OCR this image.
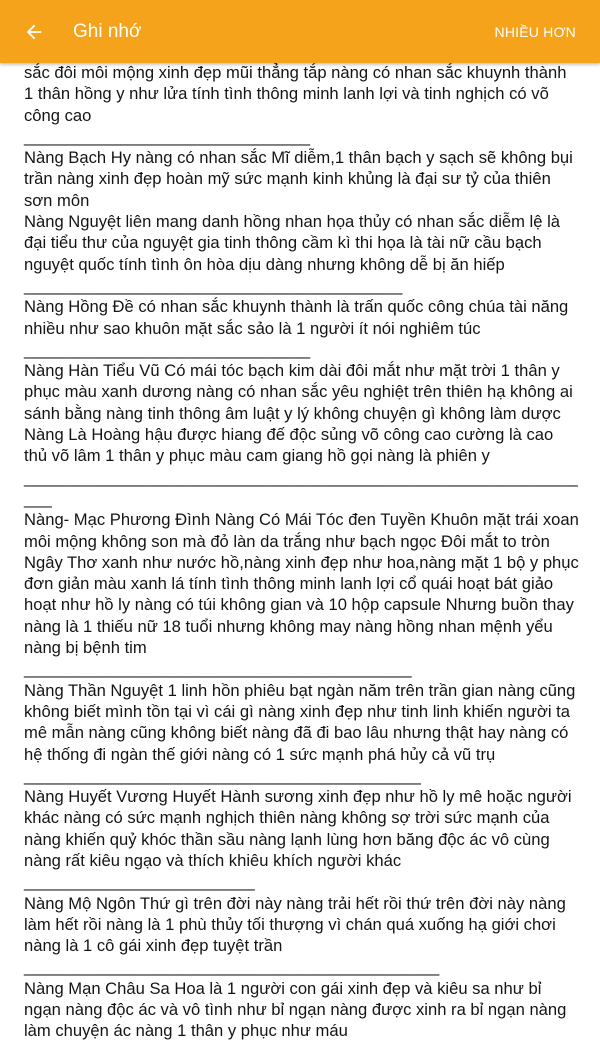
Ghi nhớ	NHIỀU HƠN
sắc đôi môi mộng xinh đẹp mũi thẳng tắp nàng có nhan sắc khuynh thành 1 thân hồng y như lửa tính tình thông minh lanh lợi và tinh nghịch có võ công cao
_______________________________
Nàng Bạch Hy nàng có nhan sắc Mĩ diễm,1 thân bạch y sạch sẽ không bụi trần nàng xinh đẹp hoàn mỹ sức mạnh kinh khủng là đại sư tỷ của thiên sơn môn
Nàng Nguyệt liên mang danh hồng nhan họa thủy có nhan sắc diễm lệ là đại tiểu thư của nguyệt gia tinh thông cầm kì thi họa là tài nữ cầu bạch nguyệt quốc tính tình ôn hòa dịu dàng nhưng không dễ bị ăn hiếp
_________________________________________
Nàng Hồng Đề có nhan sắc khuynh thành là trấn quốc công chúa tài năng nhiều như sao khuôn mặt sắc sảo là 1 người ít nói nghiêm túc
_______________________________
Nàng Hàn Tiểu Vũ Có mái tóc bạch kim dài đôi mắt như mặt trời 1 thân y phục màu xanh dương nàng có nhan sắc yêu nghiệt trên thiên hạ không ai sánh bằng nàng tinh thông âm luật y lý không chuyện gì không làm dược Nàng Là Hoàng hậu được hiang đế độc sủng võ công cao cường là cao thủ võ lâm 1 thân y phục màu cam giang hồ gọi nàng là phiên y
_______________________________________________________________
Nàng- Mạc Phương Đình Nàng Có Mái Tóc đen Tuyền Khuôn mặt trái xoan môi mộng không son mà đỏ làn da trắng như bạch ngọc Đôi mắt to tròn Ngây Thơ xanh như nước hồ,nàng xinh đẹp như hoa,nàng mặt 1 bộ y phục đơn giản màu xanh lá tính tình thông minh lanh lợi cổ quái hoạt bát giảo hoạt như hồ ly nàng có túi không gian và 10 hộp capsule Nhưng buồn thay nàng là 1 thiếu nữ 18 tuổi nhưng không may nàng hồng nhan mệnh yểu nàng bị bệnh tim
__________________________________________
Nàng Thần Nguyệt 1 linh hồn phiêu bạt ngàn năm trên trần gian nàng cũng không biết mình tồn tại vì cái gì nàng xinh đẹp như tinh linh khiến người ta mê mẫn nàng cũng không biết nàng đã đi bao lâu nhưng thật hay nàng có hệ thống đi ngàn thế giới nàng có 1 sức mạnh phá hủy cả vũ trụ
___________________________________________
Nàng Huyết Vương Huyết Hành sương xinh đẹp như hồ ly mê hoặc người khác nàng có sức mạnh nghịch thiên nàng không sợ trời sức mạnh của nàng khiến quỷ khóc thần sầu nàng lạnh lùng hơn băng độc ác vô cùng nàng rất kiêu ngạo và thích khiêu khích người khác
_________________________
Nàng Mộ Ngôn Thứ gì trên đời này nàng trải hết rồi thứ trên đời này nàng làm hết rồi nàng là 1 phù thủy tối thượng vì chán quá xuống hạ giới chơi nàng là 1 cô gái xinh đẹp tuyệt trần
_____________________________________________
Nàng Mạn Châu Sa Hoa là 1 người con gái xinh đẹp và kiêu sa như bỉ ngạn nàng độc ác và vô tình như bỉ ngạn nàng được xinh ra bỉ ngạn nàng làm chuyện ác nàng 1 thân y phục như máu
